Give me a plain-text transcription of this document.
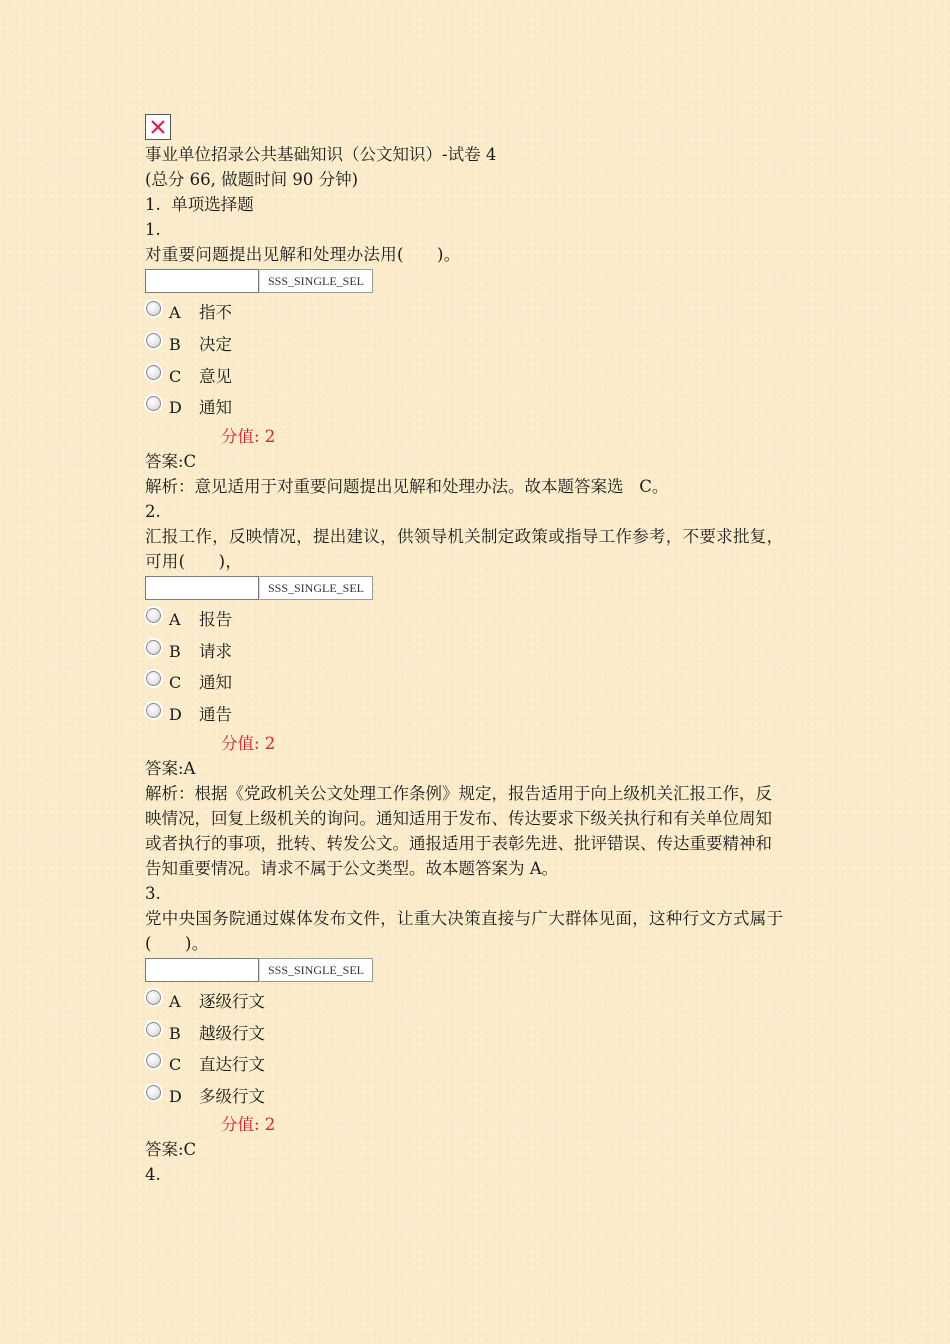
事业单位招录公共基础知识（公文知识）-试卷 4
(总分 66, 做题时间 90 分钟)
1.  单项选择题
1.
对重要问题提出见解和处理办法用(      )。
SSS_SINGLE_SEL
A	指不
B	决定
C	意见
D	通知
分值: 2
答案:C
解析：意见适用于对重要问题提出见解和处理办法。故本题答案选   C。
2.
汇报工作，反映情况，提出建议，供领导机关制定政策或指导工作参考，不要求批复，可用(      )，
SSS_SINGLE_SEL
A	报告
B	请求
C	通知
D	通告
分值: 2
答案:A
解析：根据《党政机关公文处理工作条例》规定，报告适用于向上级机关汇报工作，反映情况，回复上级机关的询问。通知适用于发布、传达要求下级关执行和有关单位周知或者执行的事项，批转、转发公文。通报适用于表彰先进、批评错误、传达重要精神和告知重要情况。请求不属于公文类型。故本题答案为 A。
3.
党中央国务院通过媒体发布文件，让重大决策直接与广大群体见面，这种行文方式属于(      )。
SSS_SINGLE_SEL
A	逐级行文
B	越级行文
C	直达行文
D	多级行文
分值: 2
答案:C
4.
